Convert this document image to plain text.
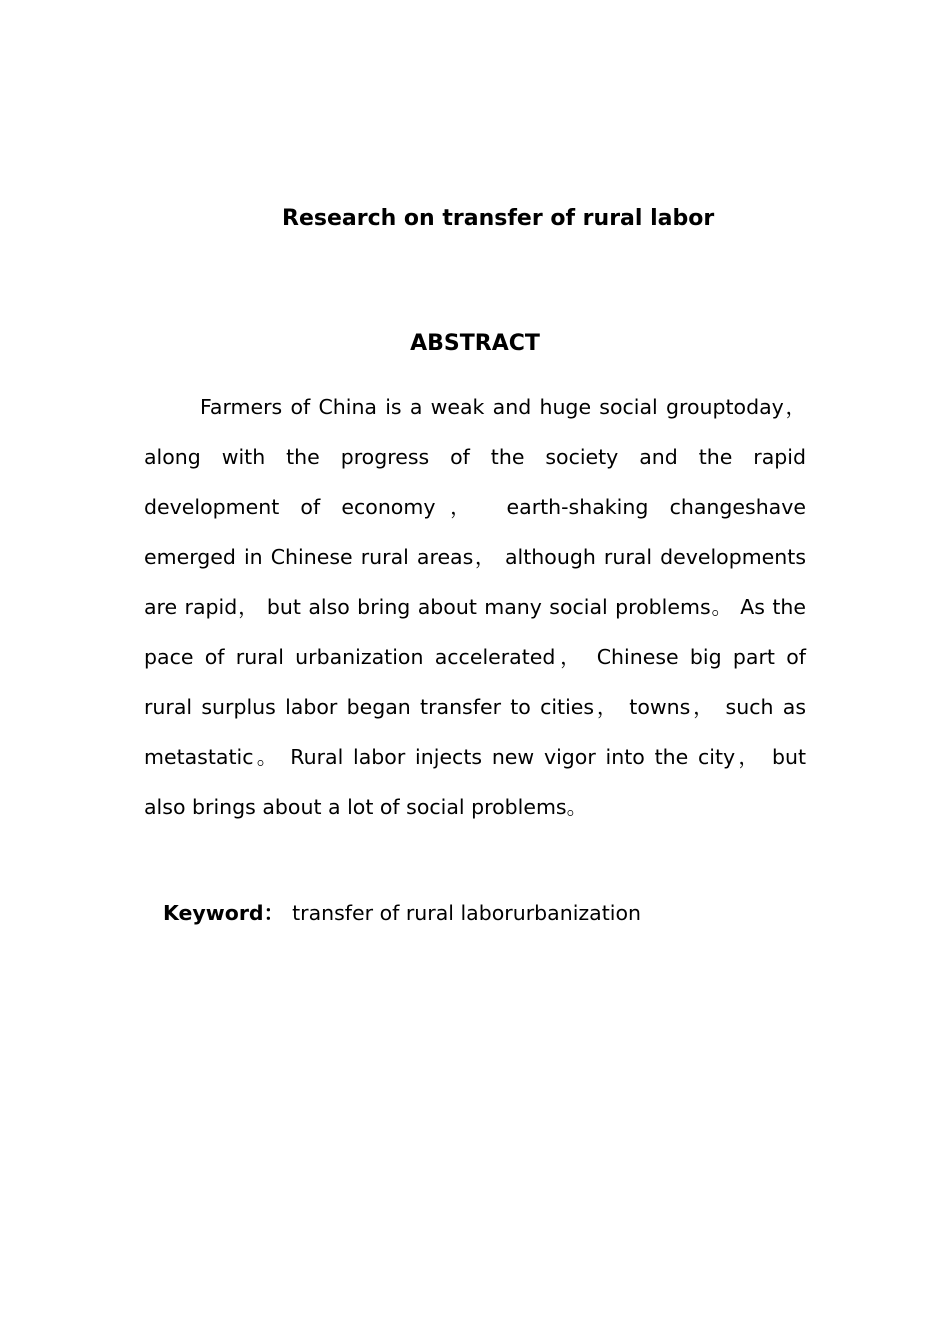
Research on transfer of rural labor
ABSTRACT

Farmers of China is a weak and huge social grouptoday， along with the progress of the society and the rapid development of economy， earth-shaking changeshave emerged in Chinese rural areas， although rural developments are rapid， but also bring about many social problems。 As the pace of rural urbanization accelerated， Chinese big part of rural surplus labor began transfer to cities， towns， such as metastatic。 Rural labor injects new vigor into the city， but also brings about a lot of social problems。

Keyword： transfer of rural laborurbanization
